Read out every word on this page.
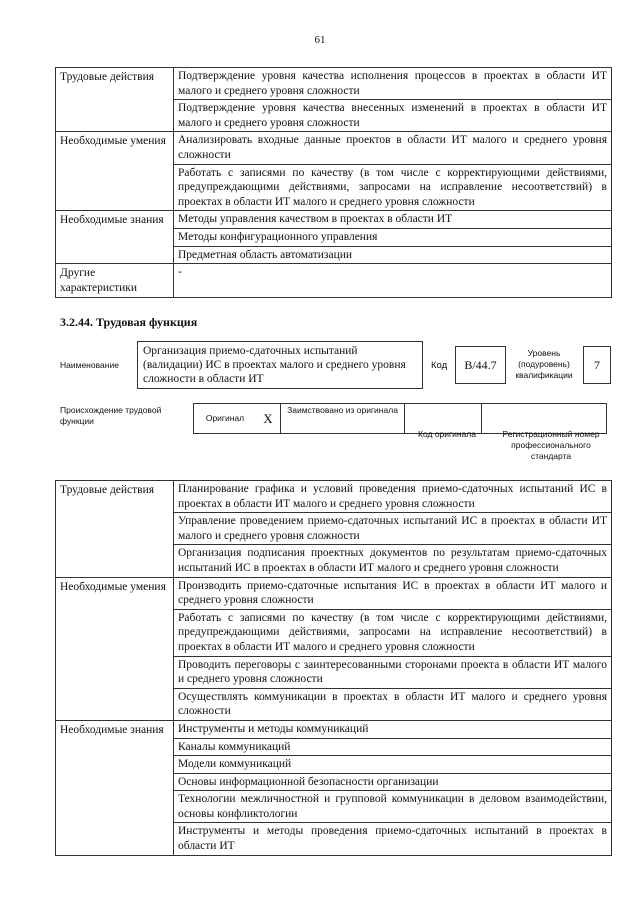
61
Трудовые действия	Подтверждение уровня качества исполнения процессов в проектах в области ИТ малого и среднего уровня сложности
	Подтверждение уровня качества внесенных изменений в проектах в области ИТ малого и среднего уровня сложности
Необходимые умения	Анализировать входные данные проектов в области ИТ малого и среднего уровня сложности
	Работать с записями по качеству (в том числе с корректирующими действиями, предупреждающими действиями, запросами на исправление несоответствий) в проектах в области ИТ малого и среднего уровня сложности
Необходимые знания	Методы управления качеством в проектах в области ИТ
	Методы конфигурационного управления
	Предметная область автоматизации
Другие характеристики	-
3.2.44. Трудовая функция
Наименование
Организация приемо-сдаточных испытаний (валидации) ИС в проектах малого и среднего уровня сложности в области ИТ
Код	B/44.7
Уровень (подуровень) квалификации
7
Происхождение трудовой функции	Оригинал	X	Заимствовано из оригинала		
Код оригинала	Регистрационный номер профессионального стандарта
Трудовые действия	Планирование графика и условий проведения приемо-сдаточных испытаний ИС в проектах в области ИТ малого и среднего уровня сложности
	Управление проведением приемо-сдаточных испытаний ИС в проектах в области ИТ малого и среднего уровня сложности
	Организация подписания проектных документов по результатам приемо-сдаточных испытаний ИС в проектах в области ИТ малого и среднего уровня сложности
Необходимые умения	Производить приемо-сдаточные испытания ИС в проектах в области ИТ малого и среднего уровня сложности
	Работать с записями по качеству (в том числе с корректирующими действиями, предупреждающими действиями, запросами на исправление несоответствий) в проектах в области ИТ малого и среднего уровня сложности
	Проводить переговоры с заинтересованными сторонами проекта в области ИТ малого и среднего уровня сложности
	Осуществлять коммуникации в проектах в области ИТ малого и среднего уровня сложности
Необходимые знания	Инструменты и методы коммуникаций
	Каналы коммуникаций
	Модели коммуникаций
	Основы информационной безопасности организации
	Технологии межличностной и групповой коммуникации в деловом взаимодействии, основы конфликтологии
	Инструменты и методы проведения приемо-сдаточных испытаний в проектах в области ИТ
